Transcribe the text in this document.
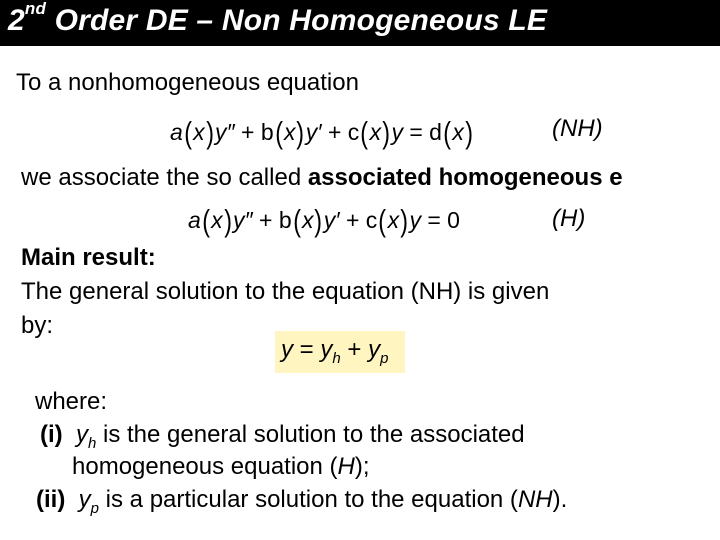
2nd Order DE – Non Homogeneous LE
To a nonhomogeneous equation
a(x)y″ + b(x)y′ + c(x)y = d(x)	(NH)
we associate the so called associated homogeneous e
a(x)y″ + b(x)y′ + c(x)y = 0	(H)
Main result:
The general solution to the equation (NH) is given
by:
$y = y_h + y_p$
where:
(i) $y_h$ is the general solution to the associated
homogeneous equation (H);
(ii) $y_p$ is a particular solution to the equation (NH).
